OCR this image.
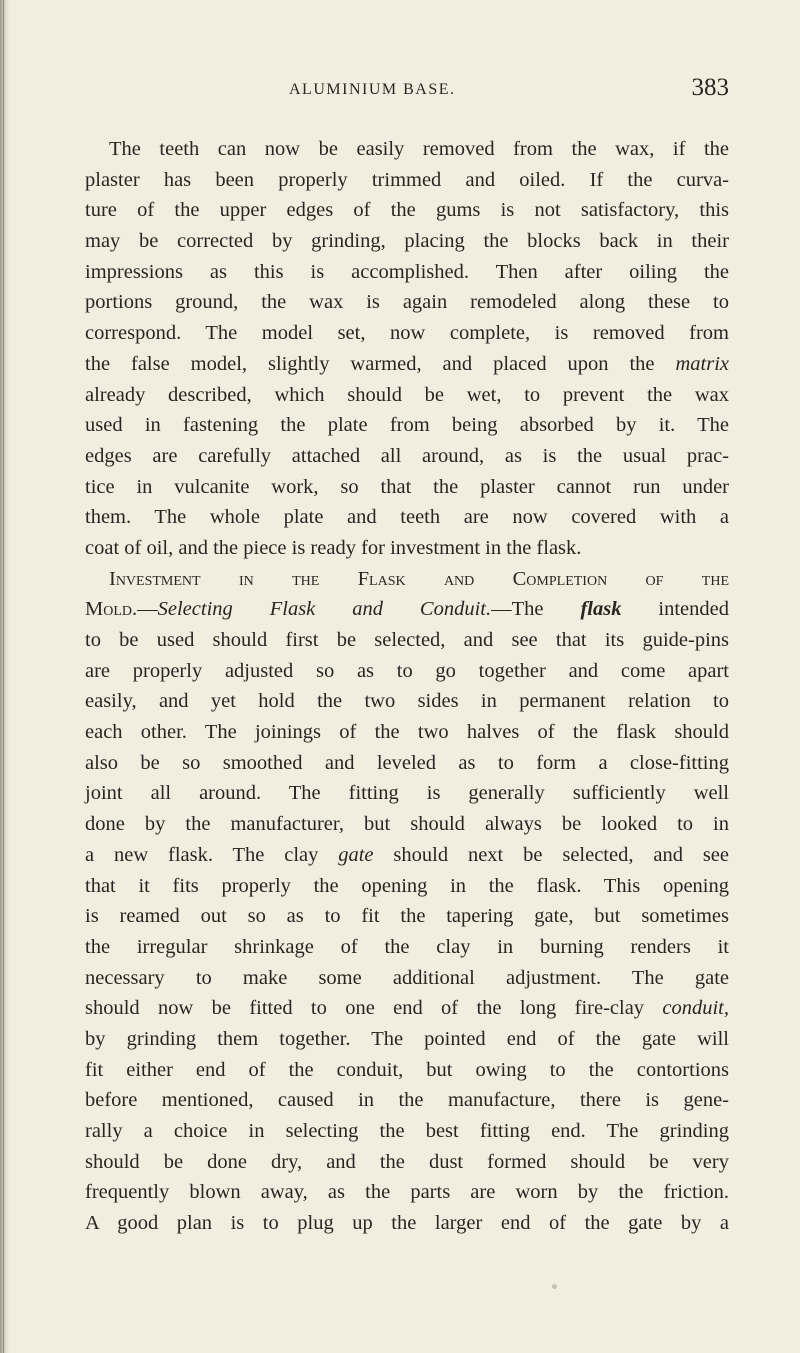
ALUMINIUM BASE.	383
The teeth can now be easily removed from the wax, if the
plaster has been properly trimmed and oiled. If the curva-
ture of the upper edges of the gums is not satisfactory, this
may be corrected by grinding, placing the blocks back in their
impressions as this is accomplished. Then after oiling the
portions ground, the wax is again remodeled along these to
correspond. The model set, now complete, is removed from
the false model, slightly warmed, and placed upon the matrix
already described, which should be wet, to prevent the wax
used in fastening the plate from being absorbed by it. The
edges are carefully attached all around, as is the usual prac-
tice in vulcanite work, so that the plaster cannot run under
them. The whole plate and teeth are now covered with a
coat of oil, and the piece is ready for investment in the flask.
Investment in the Flask and Completion of the
Mold.—Selecting Flask and Conduit.—The flask intended
to be used should first be selected, and see that its guide-pins
are properly adjusted so as to go together and come apart
easily, and yet hold the two sides in permanent relation to
each other. The joinings of the two halves of the flask should
also be so smoothed and leveled as to form a close-fitting
joint all around. The fitting is generally sufficiently well
done by the manufacturer, but should always be looked to in
a new flask. The clay gate should next be selected, and see
that it fits properly the opening in the flask. This opening
is reamed out so as to fit the tapering gate, but sometimes
the irregular shrinkage of the clay in burning renders it
necessary to make some additional adjustment. The gate
should now be fitted to one end of the long fire-clay conduit,
by grinding them together. The pointed end of the gate will
fit either end of the conduit, but owing to the contortions
before mentioned, caused in the manufacture, there is gene-
rally a choice in selecting the best fitting end. The grinding
should be done dry, and the dust formed should be very
frequently blown away, as the parts are worn by the friction.
A good plan is to plug up the larger end of the gate by a
